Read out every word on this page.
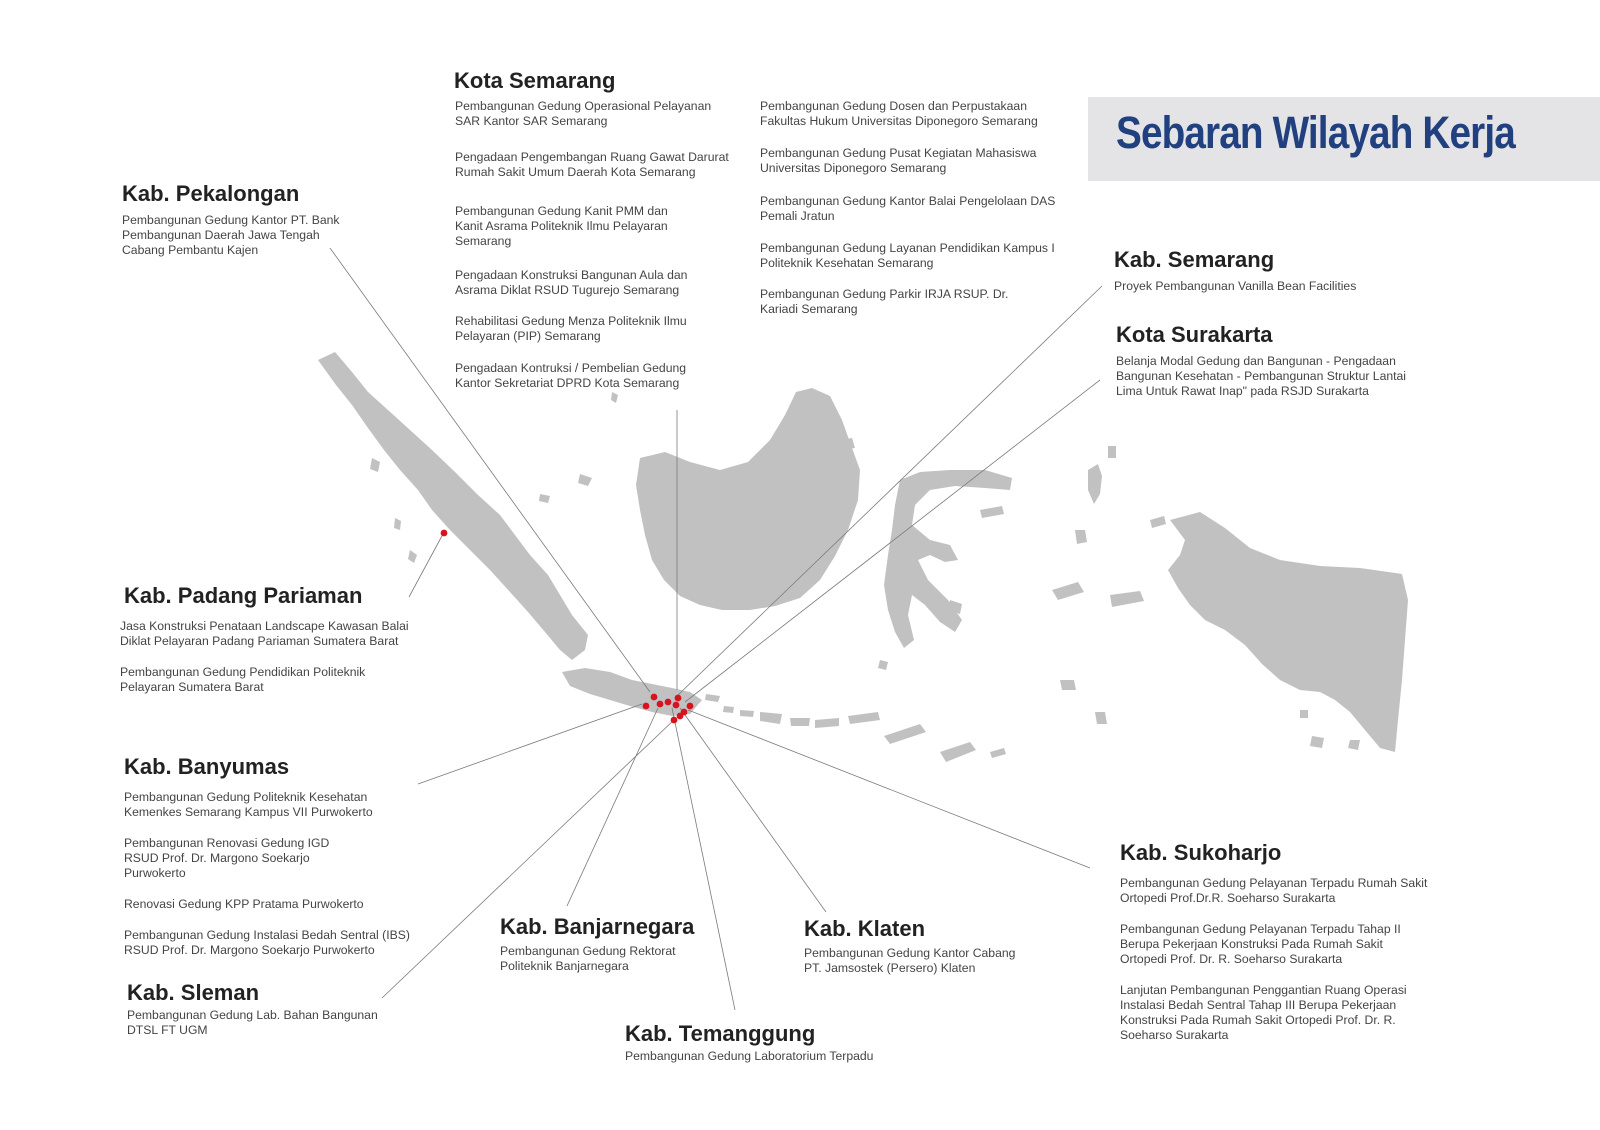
Sebaran Wilayah Kerja
Kota Semarang
Pembangunan Gedung Operasional Pelayanan SAR Kantor SAR Semarang
Pengadaan Pengembangan Ruang Gawat Darurat Rumah Sakit Umum Daerah Kota Semarang
Pembangunan Gedung Kanit PMM dan Kanit Asrama Politeknik Ilmu Pelayaran Semarang
Pengadaan Konstruksi Bangunan Aula dan Asrama Diklat RSUD Tugurejo Semarang
Rehabilitasi Gedung Menza Politeknik Ilmu Pelayaran (PIP) Semarang
Pengadaan Kontruksi / Pembelian Gedung Kantor Sekretariat DPRD Kota Semarang
Pembangunan Gedung Dosen dan Perpustakaan Fakultas Hukum Universitas Diponegoro Semarang
Pembangunan Gedung Pusat Kegiatan Mahasiswa Universitas Diponegoro Semarang
Pembangunan Gedung Kantor Balai Pengelolaan DAS Pemali Jratun
Pembangunan Gedung Layanan Pendidikan Kampus I Politeknik Kesehatan Semarang
Pembangunan Gedung Parkir IRJA RSUP. Dr. Kariadi Semarang
Kab. Pekalongan
Pembangunan Gedung Kantor PT. Bank Pembangunan Daerah Jawa Tengah Cabang Pembantu Kajen	Kab. Semarang
Proyek Pembangunan Vanilla Bean Facilities
Kota Surakarta
Belanja Modal Gedung dan Bangunan - Pengadaan Bangunan Kesehatan - Pembangunan Struktur Lantai Lima Untuk Rawat Inap" pada RSJD Surakarta
Kab. Padang Pariaman
Jasa Konstruksi Penataan Landscape Kawasan Balai Diklat Pelayaran Padang Pariaman Sumatera Barat
Pembangunan Gedung Pendidikan Politeknik Pelayaran Sumatera Barat
Kab. Banyumas
Pembangunan Gedung Politeknik Kesehatan Kemenkes Semarang Kampus VII Purwokerto
Pembangunan Renovasi Gedung IGD RSUD Prof. Dr. Margono Soekarjo Purwokerto
Renovasi Gedung KPP Pratama Purwokerto
Pembangunan Gedung Instalasi Bedah Sentral (IBS) RSUD Prof. Dr. Margono Soekarjo Purwokerto
Kab. Sleman
Pembangunan Gedung Lab. Bahan Bangunan DTSL FT UGM
Kab. Banjarnegara
Pembangunan Gedung Rektorat Politeknik Banjarnegara
Kab. Temanggung
Pembangunan Gedung Laboratorium Terpadu
Kab. Klaten
Pembangunan Gedung Kantor Cabang PT. Jamsostek (Persero) Klaten
Kab. Sukoharjo
Pembangunan Gedung Pelayanan Terpadu Rumah Sakit Ortopedi Prof.Dr.R. Soeharso Surakarta
Pembangunan Gedung Pelayanan Terpadu Tahap II Berupa Pekerjaan Konstruksi Pada Rumah Sakit Ortopedi Prof. Dr. R. Soeharso Surakarta
Lanjutan Pembangunan Penggantian Ruang Operasi Instalasi Bedah Sentral Tahap III Berupa Pekerjaan Konstruksi Pada Rumah Sakit Ortopedi Prof. Dr. R. Soeharso Surakarta
